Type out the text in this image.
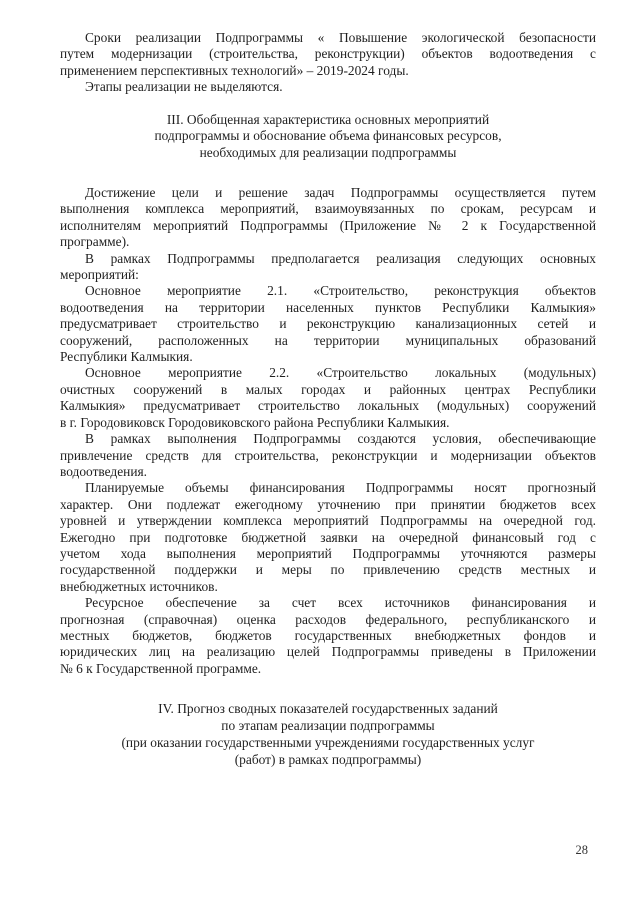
Сроки реализации Подпрограммы « Повышение экологической безопасности
путем модернизации (строительства, реконструкции) объектов водоотведения с
применением перспективных технологий» – 2019-2024 годы.
Этапы реализации не выделяются.
III. Обобщенная характеристика основных мероприятий
подпрограммы и обоснование объема финансовых ресурсов,
необходимых для реализации подпрограммы
Достижение цели и решение задач Подпрограммы осуществляется путем
выполнения комплекса мероприятий, взаимоувязанных по срокам, ресурсам и
исполнителям мероприятий Подпрограммы (Приложение № 2 к Государственной
программе).
В рамках Подпрограммы предполагается реализация следующих основных
мероприятий:
Основное мероприятие 2.1. «Строительство, реконструкция объектов
водоотведения на территории населенных пунктов Республики Калмыкия»
предусматривает строительство и реконструкцию канализационных сетей и
сооружений, расположенных на территории муниципальных образований
Республики Калмыкия.
Основное мероприятие 2.2. «Строительство локальных (модульных)
очистных сооружений в малых городах и районных центрах Республики
Калмыкия» предусматривает строительство локальных (модульных) сооружений
в г. Городовиковск Городовиковского района Республики Калмыкия.
В рамках выполнения Подпрограммы создаются условия, обеспечивающие
привлечение средств для строительства, реконструкции и модернизации объектов
водоотведения.
Планируемые объемы финансирования Подпрограммы носят прогнозный
характер. Они подлежат ежегодному уточнению при принятии бюджетов всех
уровней и утверждении комплекса мероприятий Подпрограммы на очередной год.
Ежегодно при подготовке бюджетной заявки на очередной финансовый год с
учетом хода выполнения мероприятий Подпрограммы уточняются размеры
государственной поддержки и меры по привлечению средств местных и
внебюджетных источников.
Ресурсное обеспечение за счет всех источников финансирования и
прогнозная (справочная) оценка расходов федерального, республиканского и
местных бюджетов, бюджетов государственных внебюджетных фондов и
юридических лиц на реализацию целей Подпрограммы приведены в Приложении
№ 6 к Государственной программе.
IV. Прогноз сводных показателей государственных заданий
по этапам реализации подпрограммы
(при оказании государственными учреждениями государственных услуг
(работ) в рамках подпрограммы)
28
